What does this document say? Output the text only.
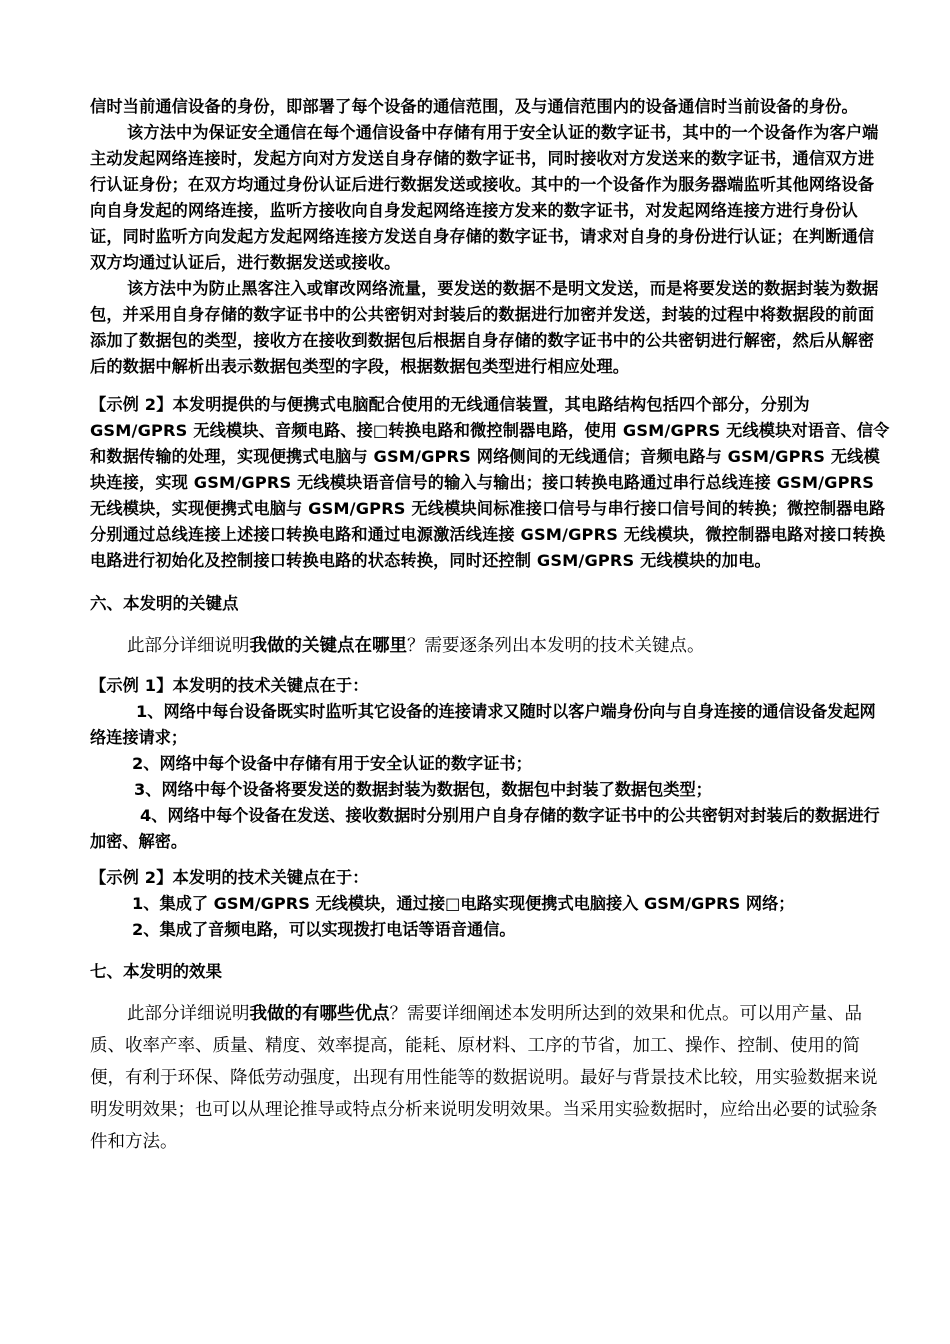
信时当前通信设备的身份，即部署了每个设备的通信范围，及与通信范围内的设备通信时当前设备的身份。

该方法中为保证安全通信在每个通信设备中存储有用于安全认证的数字证书，其中的一个设备作为客户端主动发起网络连接时，发起方向对方发送自身存储的数字证书，同时接收对方发送来的数字证书，通信双方进行认证身份；在双方均通过身份认证后进行数据发送或接收。其中的一个设备作为服务器端监听其他网络设备向自身发起的网络连接，监听方接收向自身发起网络连接方发来的数字证书，对发起网络连接方进行身份认证，同时监听方向发起方发起网络连接方发送自身存储的数字证书，请求对自身的身份进行认证；在判断通信双方均通过认证后，进行数据发送或接收。

该方法中为防止黑客注入或窜改网络流量，要发送的数据不是明文发送，而是将要发送的数据封装为数据包，并采用自身存储的数字证书中的公共密钥对封装后的数据进行加密并发送，封装的过程中将数据段的前面添加了数据包的类型，接收方在接收到数据包后根据自身存储的数字证书中的公共密钥进行解密，然后从解密后的数据中解析出表示数据包类型的字段，根据数据包类型进行相应处理。

【示例 2】本发明提供的与便携式电脑配合使用的无线通信装置，其电路结构包括四个部分，分别为GSM/GPRS 无线模块、音频电路、接□转换电路和微控制器电路，使用 GSM/GPRS 无线模块对语音、信令和数据传输的处理，实现便携式电脑与 GSM/GPRS 网络侧间的无线通信；音频电路与 GSM/GPRS 无线模块连接，实现 GSM/GPRS 无线模块语音信号的输入与输出；接口转换电路通过串行总线连接 GSM/GPRS 无线模块，实现便携式电脑与 GSM/GPRS 无线模块间标准接口信号与串行接口信号间的转换；微控制器电路分别通过总线连接上述接口转换电路和通过电源激活线连接 GSM/GPRS 无线模块，微控制器电路对接口转换电路进行初始化及控制接口转换电路的状态转换，同时还控制 GSM/GPRS 无线模块的加电。

六、本发明的关键点

此部分详细说明我做的关键点在哪里？需要逐条列出本发明的技术关键点。

【示例 1】本发明的技术关键点在于：

1、网络中每台设备既实时监听其它设备的连接请求又随时以客户端身份向与自身连接的通信设备发起网络连接请求；

2、网络中每个设备中存储有用于安全认证的数字证书；

3、网络中每个设备将要发送的数据封装为数据包，数据包中封装了数据包类型；

4、网络中每个设备在发送、接收数据时分别用户自身存储的数字证书中的公共密钥对封装后的数据进行加密、解密。

【示例 2】本发明的技术关键点在于：

1、集成了 GSM/GPRS 无线模块，通过接□电路实现便携式电脑接入 GSM/GPRS 网络；

2、集成了音频电路，可以实现拨打电话等语音通信。

七、本发明的效果

此部分详细说明我做的有哪些优点？需要详细阐述本发明所达到的效果和优点。可以用产量、品质、收率产率、质量、精度、效率提高，能耗、原材料、工序的节省，加工、操作、控制、使用的简便，有利于环保、降低劳动强度，出现有用性能等的数据说明。最好与背景技术比较，用实验数据来说明发明效果；也可以从理论推导或特点分析来说明发明效果。当采用实验数据时，应给出必要的试验条件和方法。
